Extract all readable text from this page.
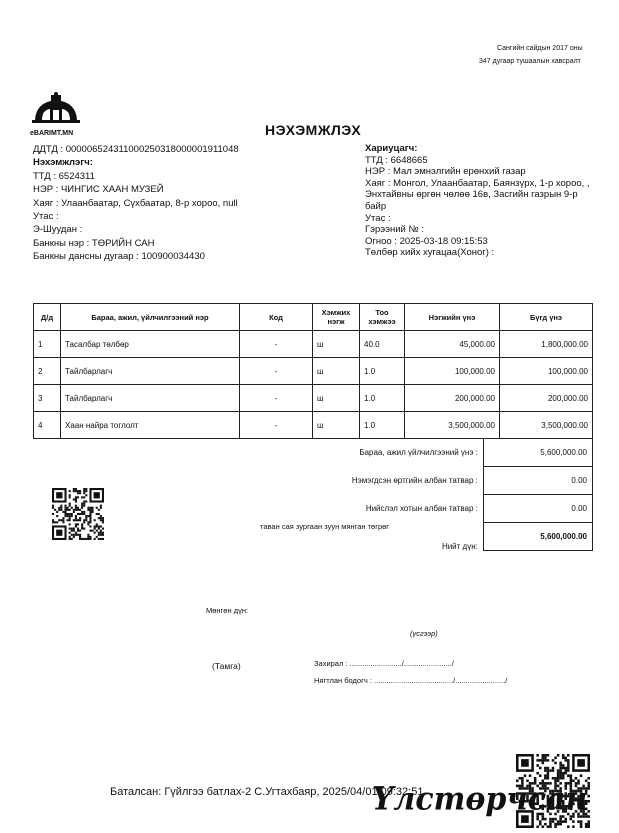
Сангийн сайдын 2017 оны
347 дугаар тушаалын хавсралт
eBARIMT.MN	НЭХЭМЖЛЭХ
ДДТД : 000006524311000250318000001911048
Нэхэмжлэгч:
ТТД : 6524311
НЭР : ЧИНГИС ХААН МУЗЕЙ
Хаяг : Улаанбаатар, Сүхбаатар, 8-р хороо, null
Утас :
Э-Шуудан :
Банкны нэр : ТӨРИЙН САН
Банкны дансны дугаар : 100900034430
Хариуцагч:
ТТД : 6648665
НЭР : Мал эмнэлгийн ерөнхий газар
Хаяг : Монгол, Улаанбаатар, Баянзүрх, 1-р хороо, , Энхтайвны өргөн чөлөө 16в, Засгийн газрын 9-р байр
Утас :
Гэрээний № :
Огноо : 2025-03-18 09:15:53
Төлбөр хийх хугацаа(Хоног) :
Д/д	Бараа, ажил, үйлчилгээний нэр	Код	Хэмжих нэгж	Тоо хэмжээ	Нэгжийн үнэ	Бүгд үнэ
1	Тасалбар төлбөр	-	ш	40.0	45,000.00	1,800,000.00
2	Тайлбарлагч	-	ш	1.0	100,000.00	100,000.00
3	Тайлбарлагч	-	ш	1.0	200,000.00	200,000.00
4	Хаан найра тоглолт	-	ш	1.0	3,500,000.00	3,500,000.00
Бараа, ажил үйлчилгээний үнэ :	5,600,000.00
Нэмэгдсэн өртгийн албан татвар :	0.00
Нийслэл хотын албан татвар :	0.00
Нийт дүн:	5,600,000.00
таван сая зургаан зуун мянган төгрөг
Мөнгөн дүн:
(үсгээр)
(Тамга)	Захирал : ........................./......................./
Нягтлан бодогч : ....................................../......................../
Баталсан: Гүйлгээ батлах-2 С.Угтахбаяр, 2025/04/01 09:32:51
Үлстөрчсан
